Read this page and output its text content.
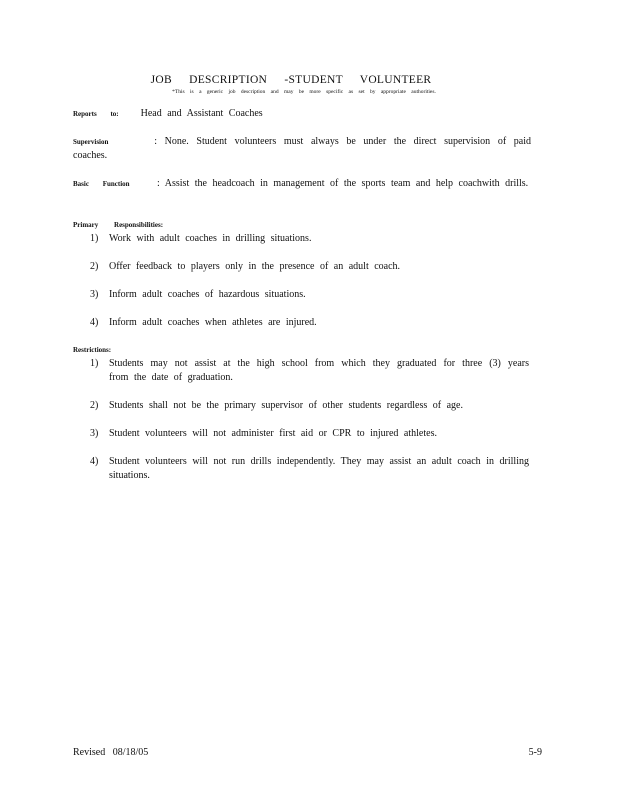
JOB DESCRIPTION -STUDENT VOLUNTEER
*This is a generic job description and may be more specific as set by appropriate authorities.
Reports to: Head and Assistant Coaches
Supervision	: None. Student volunteers must always be under the direct supervision of paid coaches.
Basic Function	: Assist the headcoach in management of the sports team and help coachwith drills.
Primary Responsibilities:
1) Work with adult coaches in drilling situations.
2) Offer feedback to players only in the presence of an adult coach.
3) Inform adult coaches of hazardous situations.
4) Inform adult coaches when athletes are injured.
Restrictions:
1) Students may not assist at the high school from which they graduated for three (3) years from the date of graduation.
2) Students shall not be the primary supervisor of other students regardless of age.
3) Student volunteers will not administer first aid or CPR to injured athletes.
4) Student volunteers will not run drills independently. They may assist an adult coach in drilling situations.
Revised 08/18/05	5-9
